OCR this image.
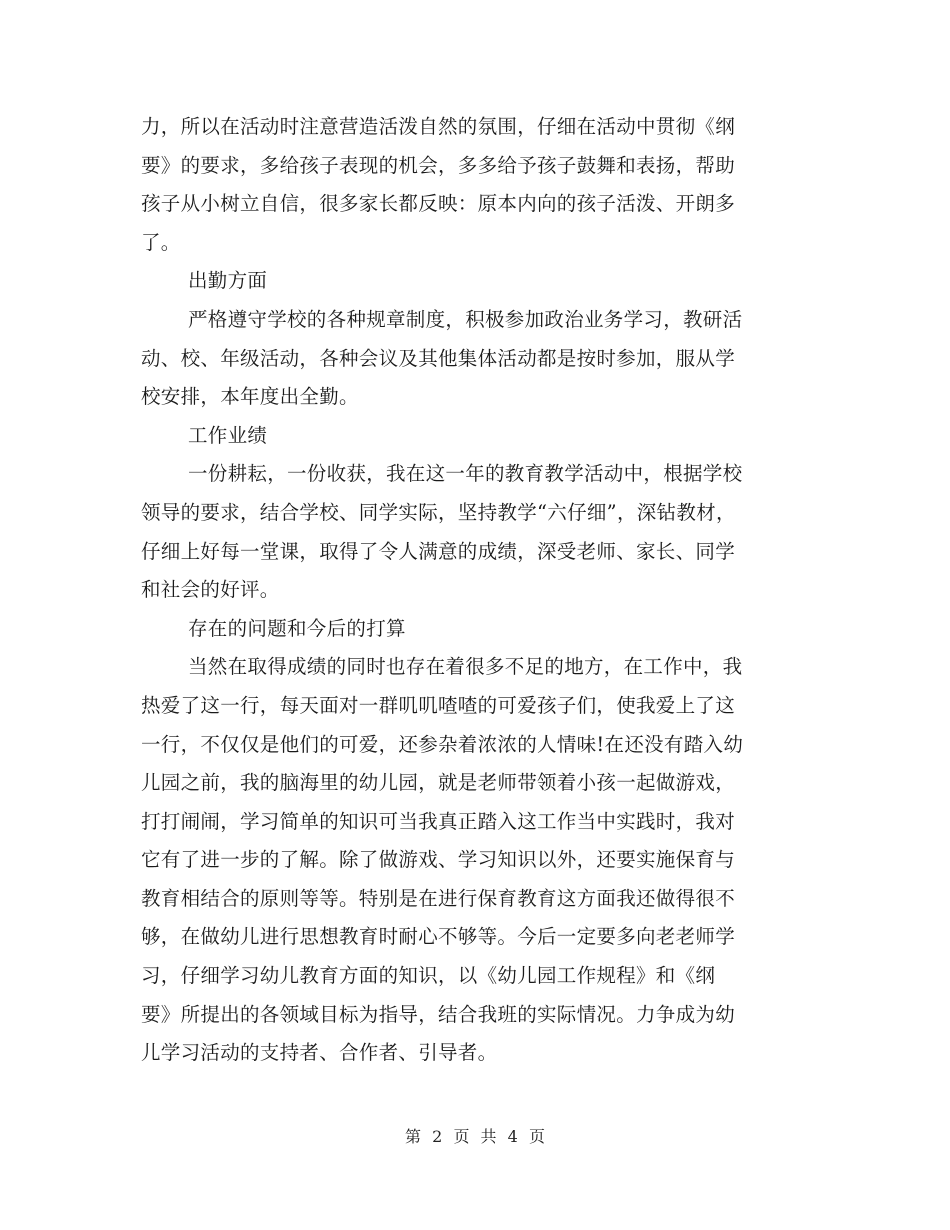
力，所以在活动时注意营造活泼自然的氛围，仔细在活动中贯彻《纲
要》的要求，多给孩子表现的机会，多多给予孩子鼓舞和表扬，帮助
孩子从小树立自信，很多家长都反映：原本内向的孩子活泼、开朗多
了。
出勤方面
严格遵守学校的各种规章制度，积极参加政治业务学习，教研活
动、校、年级活动，各种会议及其他集体活动都是按时参加，服从学
校安排，本年度出全勤。
工作业绩
一份耕耘，一份收获，我在这一年的教育教学活动中，根据学校
领导的要求，结合学校、同学实际，坚持教学“六仔细”，深钻教材，
仔细上好每一堂课，取得了令人满意的成绩，深受老师、家长、同学
和社会的好评。
存在的问题和今后的打算
当然在取得成绩的同时也存在着很多不足的地方，在工作中，我
热爱了这一行，每天面对一群叽叽喳喳的可爱孩子们，使我爱上了这
一行，不仅仅是他们的可爱，还参杂着浓浓的人情味!在还没有踏入幼
儿园之前，我的脑海里的幼儿园，就是老师带领着小孩一起做游戏，
打打闹闹，学习简单的知识可当我真正踏入这工作当中实践时，我对
它有了进一步的了解。除了做游戏、学习知识以外，还要实施保育与
教育相结合的原则等等。特别是在进行保育教育这方面我还做得很不
够，在做幼儿进行思想教育时耐心不够等。今后一定要多向老老师学
习，仔细学习幼儿教育方面的知识，以《幼儿园工作规程》和《纲
要》所提出的各领域目标为指导，结合我班的实际情况。力争成为幼
儿学习活动的支持者、合作者、引导者。
第 2 页 共 4 页
